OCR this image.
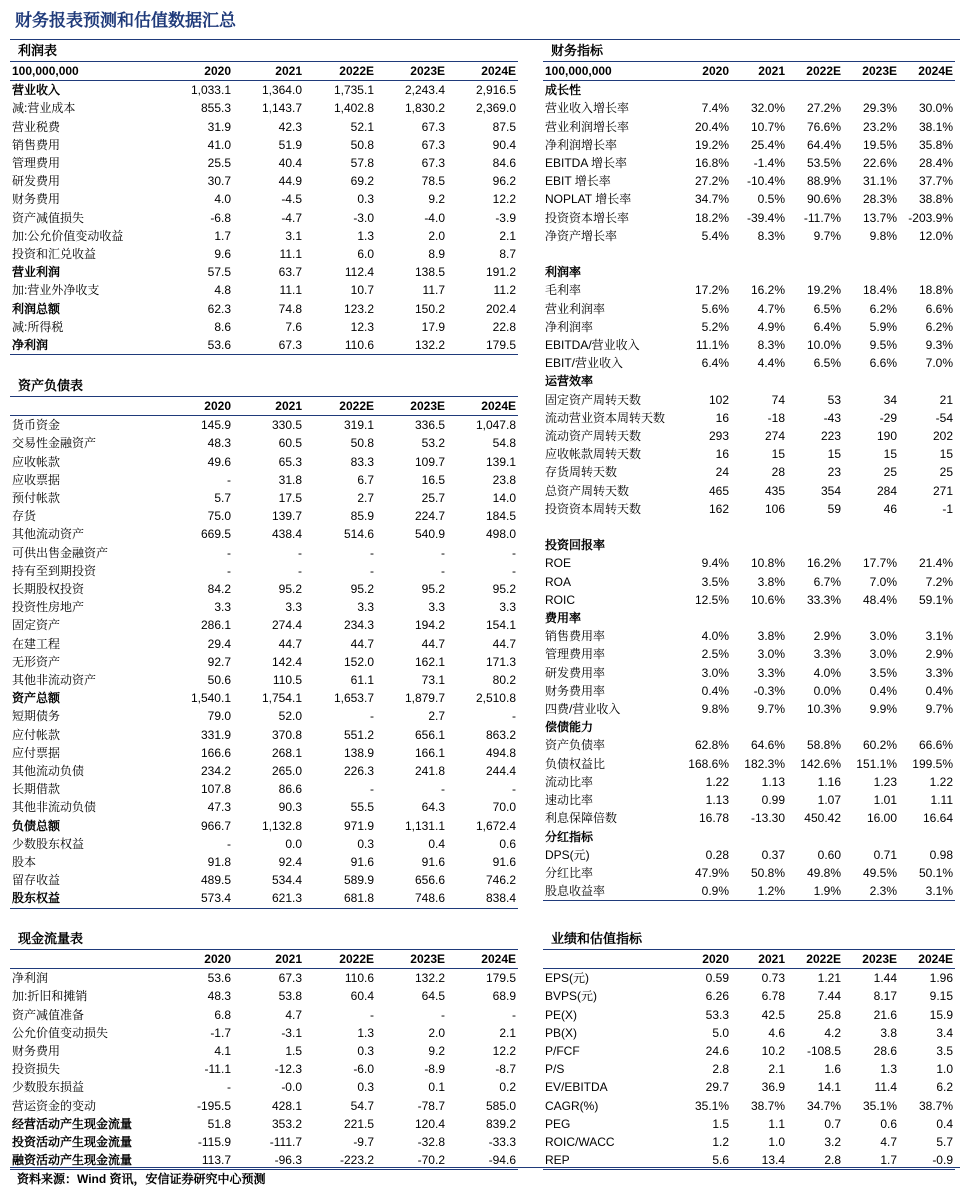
财务报表预测和估值数据汇总
利润表
100,000,000	2020	2021	2022E	2023E	2024E
营业收入	1,033.1	1,364.0	1,735.1	2,243.4	2,916.5
减:营业成本	855.3	1,143.7	1,402.8	1,830.2	2,369.0
营业税费	31.9	42.3	52.1	67.3	87.5
销售费用	41.0	51.9	50.8	67.3	90.4
管理费用	25.5	40.4	57.8	67.3	84.6
研发费用	30.7	44.9	69.2	78.5	96.2
财务费用	4.0	-4.5	0.3	9.2	12.2
资产减值损失	-6.8	-4.7	-3.0	-4.0	-3.9
加:公允价值变动收益	1.7	3.1	1.3	2.0	2.1
投资和汇兑收益	9.6	11.1	6.0	8.9	8.7
营业利润	57.5	63.7	112.4	138.5	191.2
加:营业外净收支	4.8	11.1	10.7	11.7	11.2
利润总额	62.3	74.8	123.2	150.2	202.4
减:所得税	8.6	7.6	12.3	17.9	22.8
净利润	53.6	67.3	110.6	132.2	179.5
资产负债表
	2020	2021	2022E	2023E	2024E
货币资金	145.9	330.5	319.1	336.5	1,047.8
交易性金融资产	48.3	60.5	50.8	53.2	54.8
应收帐款	49.6	65.3	83.3	109.7	139.1
应收票据	-	31.8	6.7	16.5	23.8
预付帐款	5.7	17.5	2.7	25.7	14.0
存货	75.0	139.7	85.9	224.7	184.5
其他流动资产	669.5	438.4	514.6	540.9	498.0
可供出售金融资产	-	-	-	-	-
持有至到期投资	-	-	-	-	-
长期股权投资	84.2	95.2	95.2	95.2	95.2
投资性房地产	3.3	3.3	3.3	3.3	3.3
固定资产	286.1	274.4	234.3	194.2	154.1
在建工程	29.4	44.7	44.7	44.7	44.7
无形资产	92.7	142.4	152.0	162.1	171.3
其他非流动资产	50.6	110.5	61.1	73.1	80.2
资产总额	1,540.1	1,754.1	1,653.7	1,879.7	2,510.8
短期债务	79.0	52.0	-	2.7	-
应付帐款	331.9	370.8	551.2	656.1	863.2
应付票据	166.6	268.1	138.9	166.1	494.8
其他流动负债	234.2	265.0	226.3	241.8	244.4
长期借款	107.8	86.6	-	-	-
其他非流动负债	47.3	90.3	55.5	64.3	70.0
负债总额	966.7	1,132.8	971.9	1,131.1	1,672.4
少数股东权益	-	0.0	0.3	0.4	0.6
股本	91.8	92.4	91.6	91.6	91.6
留存收益	489.5	534.4	589.9	656.6	746.2
股东权益	573.4	621.3	681.8	748.6	838.4
现金流量表
	2020	2021	2022E	2023E	2024E
净利润	53.6	67.3	110.6	132.2	179.5
加:折旧和摊销	48.3	53.8	60.4	64.5	68.9
资产减值准备	6.8	4.7	-	-	-
公允价值变动损失	-1.7	-3.1	1.3	2.0	2.1
财务费用	4.1	1.5	0.3	9.2	12.2
投资损失	-11.1	-12.3	-6.0	-8.9	-8.7
少数股东损益	-	-0.0	0.3	0.1	0.2
营运资金的变动	-195.5	428.1	54.7	-78.7	585.0
经营活动产生现金流量	51.8	353.2	221.5	120.4	839.2
投资活动产生现金流量	-115.9	-111.7	-9.7	-32.8	-33.3
融资活动产生现金流量	113.7	-96.3	-223.2	-70.2	-94.6
财务指标
100,000,000	2020	2021	2022E	2023E	2024E
成长性					
营业收入增长率	7.4%	32.0%	27.2%	29.3%	30.0%
营业利润增长率	20.4%	10.7%	76.6%	23.2%	38.1%
净利润增长率	19.2%	25.4%	64.4%	19.5%	35.8%
EBITDA 增长率	16.8%	-1.4%	53.5%	22.6%	28.4%
EBIT 增长率	27.2%	-10.4%	88.9%	31.1%	37.7%
NOPLAT 增长率	34.7%	0.5%	90.6%	28.3%	38.8%
投资资本增长率	18.2%	-39.4%	-11.7%	13.7%	-203.9%
净资产增长率	5.4%	8.3%	9.7%	9.8%	12.0%

利润率					
毛利率	17.2%	16.2%	19.2%	18.4%	18.8%
营业利润率	5.6%	4.7%	6.5%	6.2%	6.6%
净利润率	5.2%	4.9%	6.4%	5.9%	6.2%
EBITDA/营业收入	11.1%	8.3%	10.0%	9.5%	9.3%
EBIT/营业收入	6.4%	4.4%	6.5%	6.6%	7.0%
运营效率					
固定资产周转天数	102	74	53	34	21
流动营业资本周转天数	16	-18	-43	-29	-54
流动资产周转天数	293	274	223	190	202
应收帐款周转天数	16	15	15	15	15
存货周转天数	24	28	23	25	25
总资产周转天数	465	435	354	284	271
投资资本周转天数	162	106	59	46	-1

投资回报率					
ROE	9.4%	10.8%	16.2%	17.7%	21.4%
ROA	3.5%	3.8%	6.7%	7.0%	7.2%
ROIC	12.5%	10.6%	33.3%	48.4%	59.1%
费用率					
销售费用率	4.0%	3.8%	2.9%	3.0%	3.1%
管理费用率	2.5%	3.0%	3.3%	3.0%	2.9%
研发费用率	3.0%	3.3%	4.0%	3.5%	3.3%
财务费用率	0.4%	-0.3%	0.0%	0.4%	0.4%
四费/营业收入	9.8%	9.7%	10.3%	9.9%	9.7%
偿债能力					
资产负债率	62.8%	64.6%	58.8%	60.2%	66.6%
负债权益比	168.6%	182.3%	142.6%	151.1%	199.5%
流动比率	1.22	1.13	1.16	1.23	1.22
速动比率	1.13	0.99	1.07	1.01	1.11
利息保障倍数	16.78	-13.30	450.42	16.00	16.64
分红指标					
DPS(元)	0.28	0.37	0.60	0.71	0.98
分红比率	47.9%	50.8%	49.8%	49.5%	50.1%
股息收益率	0.9%	1.2%	1.9%	2.3%	3.1%
业绩和估值指标
	2020	2021	2022E	2023E	2024E
EPS(元)	0.59	0.73	1.21	1.44	1.96
BVPS(元)	6.26	6.78	7.44	8.17	9.15
PE(X)	53.3	42.5	25.8	21.6	15.9
PB(X)	5.0	4.6	4.2	3.8	3.4
P/FCF	24.6	10.2	-108.5	28.6	3.5
P/S	2.8	2.1	1.6	1.3	1.0
EV/EBITDA	29.7	36.9	14.1	11.4	6.2
CAGR(%)	35.1%	38.7%	34.7%	35.1%	38.7%
PEG	1.5	1.1	0.7	0.6	0.4
ROIC/WACC	1.2	1.0	3.2	4.7	5.7
REP	5.6	13.4	2.8	1.7	-0.9
资料来源：Wind 资讯，安信证券研究中心预测
